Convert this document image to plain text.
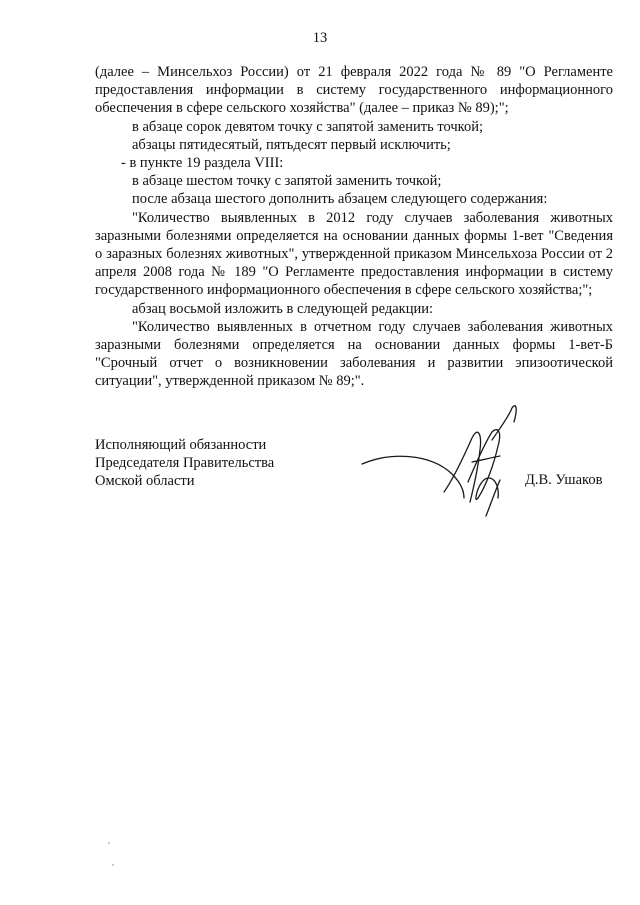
13

(далее – Минсельхоз России) от 21 февраля 2022 года № 89 "О Регламенте предоставления информации в систему государственного информационного обеспечения в сфере сельского хозяйства" (далее – приказ № 89);";

в абзаце сорок девятом точку с запятой заменить точкой;

абзацы пятидесятый, пятьдесят первый исключить;

- в пункте 19 раздела VIII:

в абзаце шестом точку с запятой заменить точкой;

после абзаца шестого дополнить абзацем следующего содержания:

"Количество выявленных в 2012 году случаев заболевания животных заразными болезнями определяется на основании данных формы 1-вет "Сведения о заразных болезнях животных", утвержденной приказом Минсельхоза России от 2 апреля 2008 года № 189 "О Регламенте предоставления информации в систему государственного информационного обеспечения в сфере сельского хозяйства;";

абзац восьмой изложить в следующей редакции:

"Количество выявленных в отчетном году случаев заболевания животных заразными болезнями определяется на основании данных формы 1-вет-Б "Срочный отчет о возникновении заболевания и развитии эпизоотической ситуации", утвержденной приказом № 89;".

Исполняющий обязанности
Председателя Правительства
Омской области	Д.В. Ушаков
